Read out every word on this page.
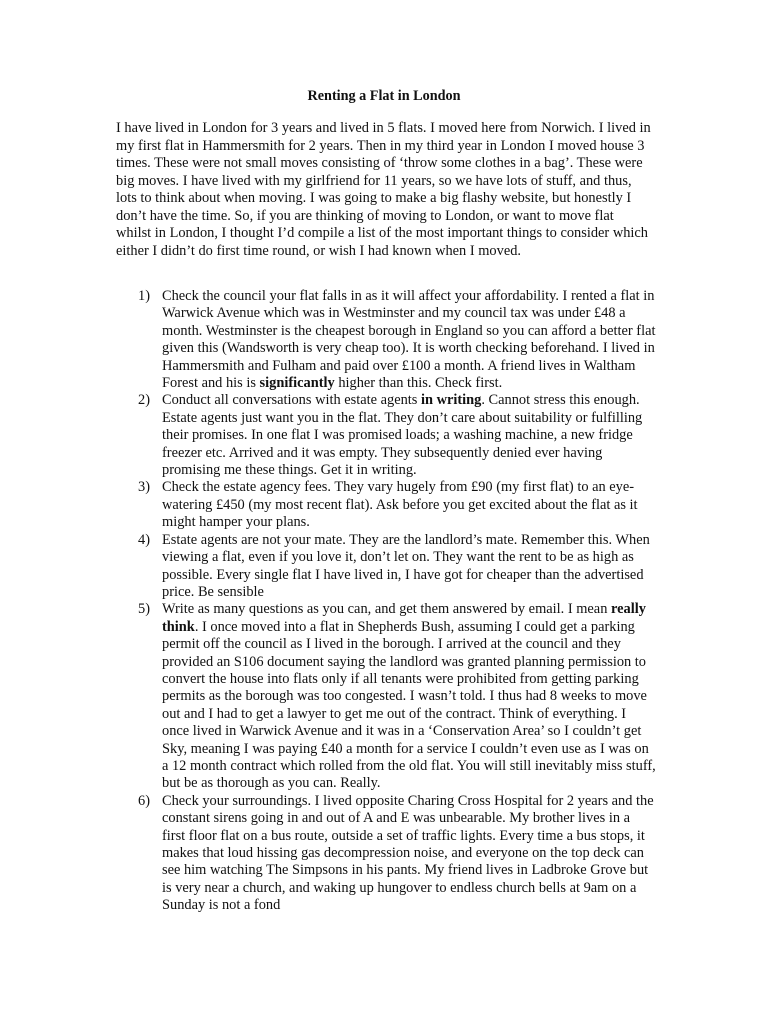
Renting a Flat in London

I have lived in London for 3 years and lived in 5 flats. I moved here from Norwich. I lived in my first flat in Hammersmith for 2 years. Then in my third year in London I moved house 3 times. These were not small moves consisting of ‘throw some clothes in a bag’. These were big moves. I have lived with my girlfriend for 11 years, so we have lots of stuff, and thus, lots to think about when moving. I was going to make a big flashy website, but honestly I don’t have the time. So, if you are thinking of moving to London, or want to move flat whilst in London, I thought I’d compile a list of the most important things to consider which either I didn’t do first time round, or wish I had known when I moved.

1) Check the council your flat falls in as it will affect your affordability. I rented a flat in Warwick Avenue which was in Westminster and my council tax was under £48 a month. Westminster is the cheapest borough in England so you can afford a better flat given this (Wandsworth is very cheap too). It is worth checking beforehand. I lived in Hammersmith and Fulham and paid over £100 a month. A friend lives in Waltham Forest and his is significantly higher than this. Check first.
2) Conduct all conversations with estate agents in writing. Cannot stress this enough. Estate agents just want you in the flat. They don’t care about suitability or fulfilling their promises. In one flat I was promised loads; a washing machine, a new fridge freezer etc. Arrived and it was empty. They subsequently denied ever having promising me these things. Get it in writing.
3) Check the estate agency fees. They vary hugely from £90 (my first flat) to an eye-watering £450 (my most recent flat). Ask before you get excited about the flat as it might hamper your plans.
4) Estate agents are not your mate. They are the landlord’s mate. Remember this. When viewing a flat, even if you love it, don’t let on. They want the rent to be as high as possible. Every single flat I have lived in, I have got for cheaper than the advertised price. Be sensible
5) Write as many questions as you can, and get them answered by email. I mean really think. I once moved into a flat in Shepherds Bush, assuming I could get a parking permit off the council as I lived in the borough. I arrived at the council and they provided an S106 document saying the landlord was granted planning permission to convert the house into flats only if all tenants were prohibited from getting parking permits as the borough was too congested. I wasn’t told. I thus had 8 weeks to move out and I had to get a lawyer to get me out of the contract. Think of everything. I once lived in Warwick Avenue and it was in a ‘Conservation Area’ so I couldn’t get Sky, meaning I was paying £40 a month for a service I couldn’t even use as I was on a 12 month contract which rolled from the old flat. You will still inevitably miss stuff, but be as thorough as you can. Really.
6) Check your surroundings. I lived opposite Charing Cross Hospital for 2 years and the constant sirens going in and out of A and E was unbearable. My brother lives in a first floor flat on a bus route, outside a set of traffic lights. Every time a bus stops, it makes that loud hissing gas decompression noise, and everyone on the top deck can see him watching The Simpsons in his pants. My friend lives in Ladbroke Grove but is very near a church, and waking up hungover to endless church bells at 9am on a Sunday is not a fond
